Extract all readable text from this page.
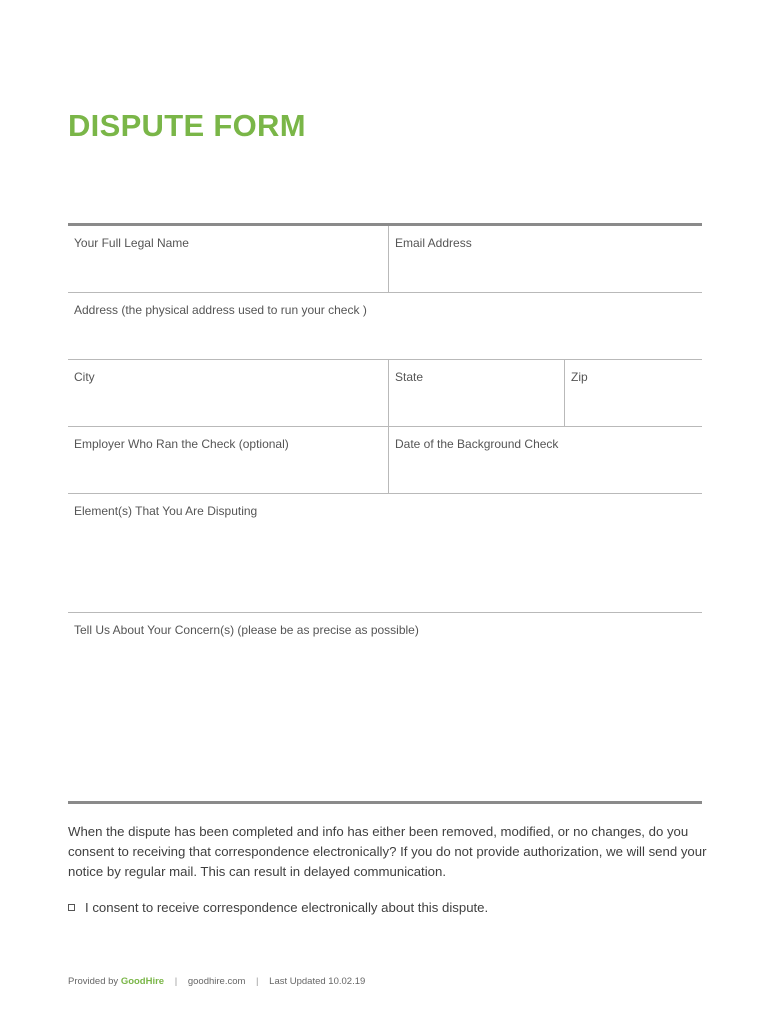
DISPUTE FORM
Your Full Legal Name	Email Address
Address (the physical address used to run your check )
City	State	Zip
Employer Who Ran the Check (optional)	Date of the Background Check
Element(s) That You Are Disputing
Tell Us About Your Concern(s) (please be as precise as possible)
When the dispute has been completed and info has either been removed, modified, or no changes, do you consent to receiving that correspondence electronically? If you do not provide authorization, we will send your notice by regular mail. This can result in delayed communication.
I consent to receive correspondence electronically about this dispute.
Provided by GoodHire | goodhire.com | Last Updated 10.02.19
